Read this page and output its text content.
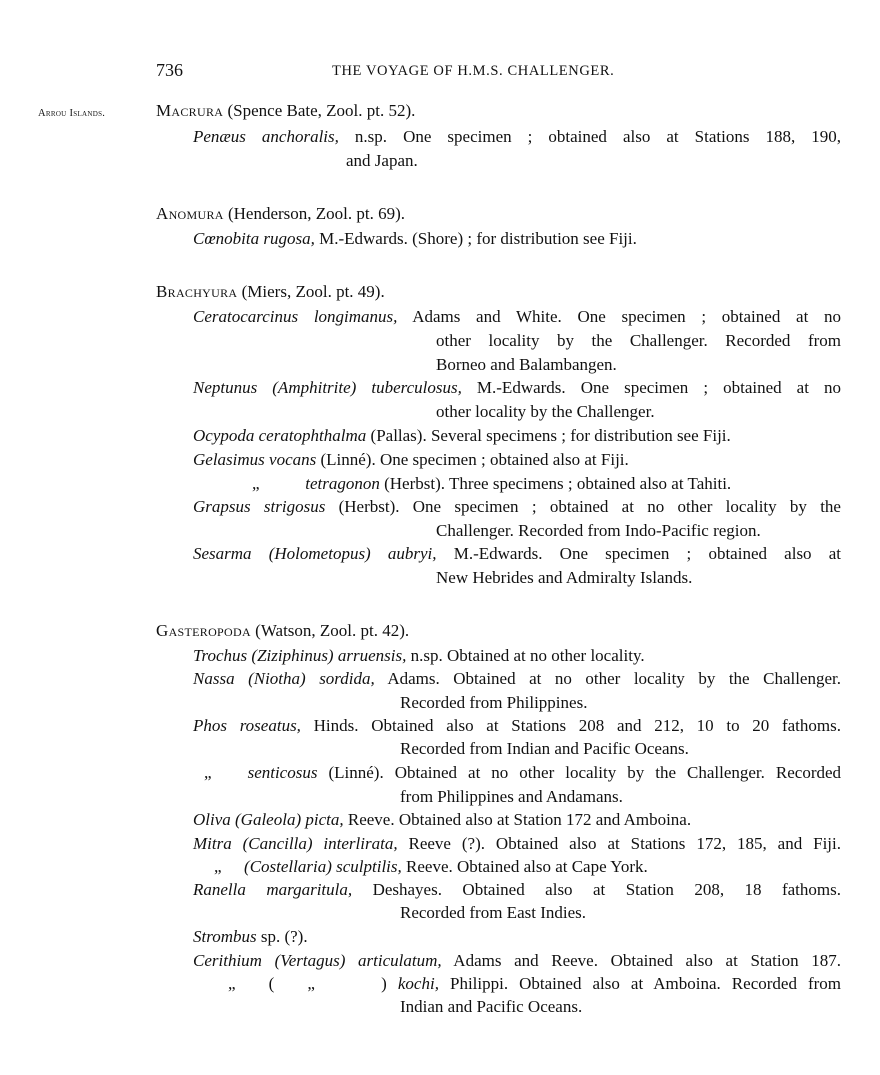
736	THE VOYAGE OF H.M.S. CHALLENGER.
Arrou Islands.	Macrura (Spence Bate, Zool. pt. 52).
Penæus anchoralis, n.sp. One specimen ; obtained also at Stations 188, 190,
and Japan.
Anomura (Henderson, Zool. pt. 69).
Cœnobita rugosa, M.-Edwards. (Shore) ; for distribution see Fiji.
Brachyura (Miers, Zool. pt. 49).
Ceratocarcinus longimanus, Adams and White. One specimen ; obtained at no
other locality by the Challenger. Recorded from
Borneo and Balambangen.
Neptunus (Amphitrite) tuberculosus, M.-Edwards. One specimen ; obtained at no
other locality by the Challenger.
Ocypoda ceratophthalma (Pallas). Several specimens ; for distribution see Fiji.
Gelasimus vocans (Linné). One specimen ; obtained also at Fiji.
„	tetragonon (Herbst). Three specimens ; obtained also at Tahiti.
Grapsus strigosus (Herbst). One specimen ; obtained at no other locality by the
Challenger. Recorded from Indo-Pacific region.
Sesarma (Holometopus) aubryi, M.-Edwards. One specimen ; obtained also at
New Hebrides and Admiralty Islands.
Gasteropoda (Watson, Zool. pt. 42).
Trochus (Ziziphinus) arruensis, n.sp. Obtained at no other locality.
Nassa (Niotha) sordida, Adams. Obtained at no other locality by the Challenger.
Recorded from Philippines.
Phos roseatus, Hinds. Obtained also at Stations 208 and 212, 10 to 20 fathoms.
Recorded from Indian and Pacific Oceans.
„ senticosus (Linné). Obtained at no other locality by the Challenger. Recorded
from Philippines and Andamans.
Oliva (Galeola) picta, Reeve. Obtained also at Station 172 and Amboina.
Mitra (Cancilla) interlirata, Reeve (?). Obtained also at Stations 172, 185, and Fiji.
„ (Costellaria) sculptilis, Reeve. Obtained also at Cape York.
Ranella margaritula, Deshayes. Obtained also at Station 208, 18 fathoms.
Recorded from East Indies.
Strombus sp. (?).
Cerithium (Vertagus) articulatum, Adams and Reeve. Obtained also at Station 187.
„   (   „      ) kochi, Philippi. Obtained also at Amboina. Recorded from
Indian and Pacific Oceans.
